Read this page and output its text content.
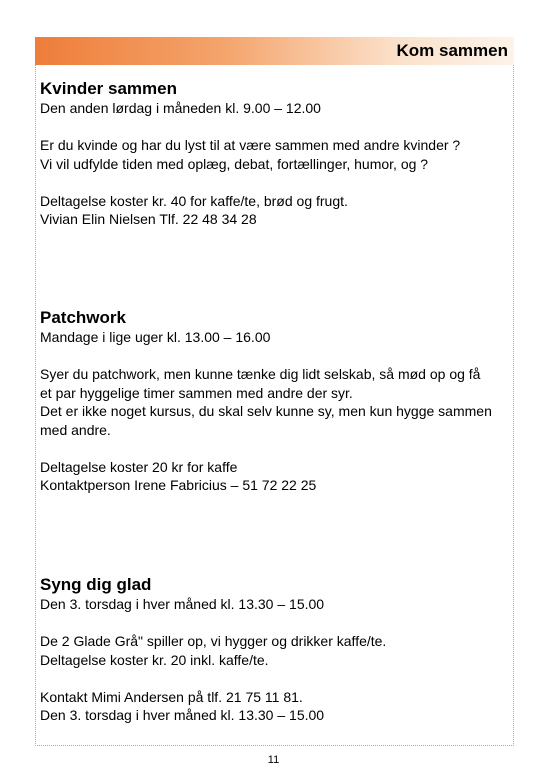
Kom sammen
Kvinder sammen

Den anden lørdag i måneden kl. 9.00 – 12.00

Er du kvinde og har du lyst til at være sammen med andre kvinder ?

Vi vil udfylde tiden med oplæg, debat, fortællinger, humor, og ?

Deltagelse koster kr. 40 for kaffe/te, brød og frugt.

Vivian Elin Nielsen Tlf. 22 48 34 28

Patchwork

Mandage i lige uger kl. 13.00 – 16.00

Syer du patchwork, men kunne tænke dig lidt selskab, så mød op og få

et par hyggelige timer sammen med andre der syr.

Det er ikke noget kursus, du skal selv kunne sy, men kun hygge sammen

med andre.

Deltagelse koster 20 kr for kaffe

Kontaktperson Irene Fabricius – 51 72 22 25

Syng dig glad

Den 3. torsdag i hver måned kl. 13.30 – 15.00

De 2 Glade Grå" spiller op, vi hygger og drikker kaffe/te.

Deltagelse koster kr. 20 inkl. kaffe/te.

Kontakt Mimi Andersen på tlf. 21 75 11 81.

Den 3. torsdag i hver måned kl. 13.30 – 15.00

11
